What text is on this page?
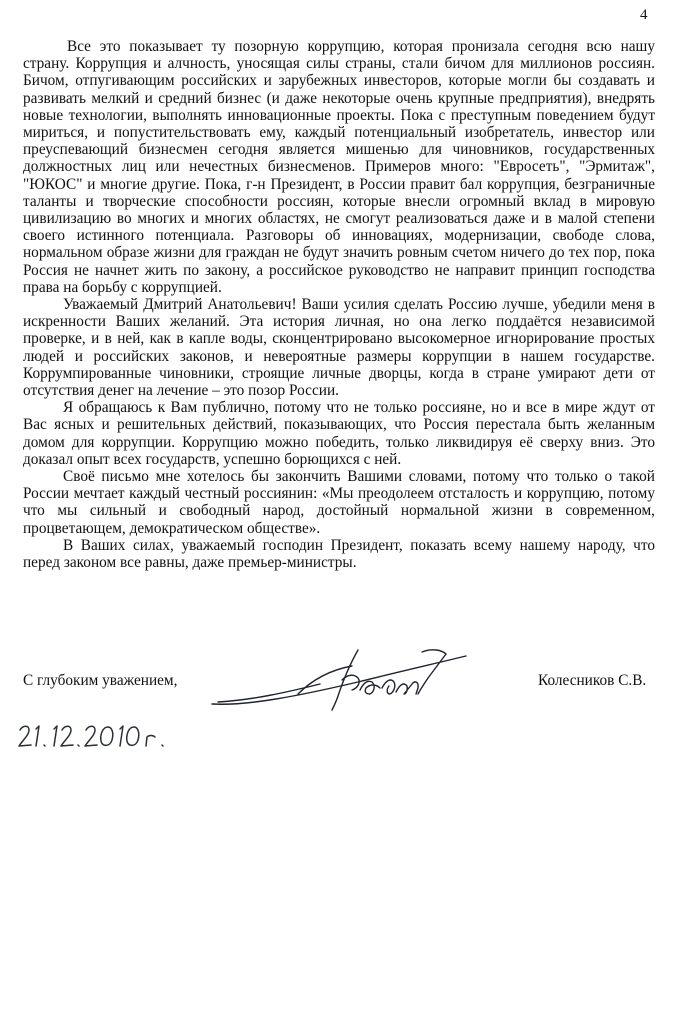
4

Все это показывает ту позорную коррупцию, которая пронизала сегодня всю нашу страну. Коррупция и алчность, уносящая силы страны, стали бичом для миллионов россиян. Бичом, отпугивающим российских и зарубежных инвесторов, которые могли бы создавать и развивать мелкий и средний бизнес (и даже некоторые очень крупные предприятия), внедрять новые технологии, выполнять инновационные проекты. Пока с преступным поведением будут мириться, и попустительствовать ему, каждый потенциальный изобретатель, инвестор или преуспевающий бизнесмен сегодня является мишенью для чиновников, государственных должностных лиц или нечестных бизнесменов. Примеров много: "Евросеть", "Эрмитаж", "ЮКОС" и многие другие. Пока, г-н Президент, в России правит бал коррупция, безграничные таланты и творческие способности россиян, которые внесли огромный вклад в мировую цивилизацию во многих и многих областях, не смогут реализоваться даже и в малой степени своего истинного потенциала. Разговоры об инновациях, модернизации, свободе слова, нормальном образе жизни для граждан не будут значить ровным счетом ничего до тех пор, пока Россия не начнет жить по закону, а российское руководство не направит принцип господства права на борьбу с коррупцией.

Уважаемый Дмитрий Анатольевич! Ваши усилия сделать Россию лучше, убедили меня в искренности Ваших желаний. Эта история личная, но она легко поддаётся независимой проверке, и в ней, как в капле воды, сконцентрировано высокомерное игнорирование простых людей и российских законов, и невероятные размеры коррупции в нашем государстве. Коррумпированные чиновники, строящие личные дворцы, когда в стране умирают дети от отсутствия денег на лечение – это позор России.

Я обращаюсь к Вам публично, потому что не только россияне, но и все в мире ждут от Вас ясных и решительных действий, показывающих, что Россия перестала быть желанным домом для коррупции. Коррупцию можно победить, только ликвидируя её сверху вниз. Это доказал опыт всех государств, успешно борющихся с ней.

Своё письмо мне хотелось бы закончить Вашими словами, потому что только о такой России мечтает каждый честный россиянин: «Мы преодолеем отсталость и коррупцию, потому что мы сильный и свободный народ, достойный нормальной жизни в современном, процветающем, демократическом обществе».

В Ваших силах, уважаемый господин Президент, показать всему нашему народу, что перед законом все равны, даже премьер-министры.

С глубоким уважением,	Колесников С.В.
